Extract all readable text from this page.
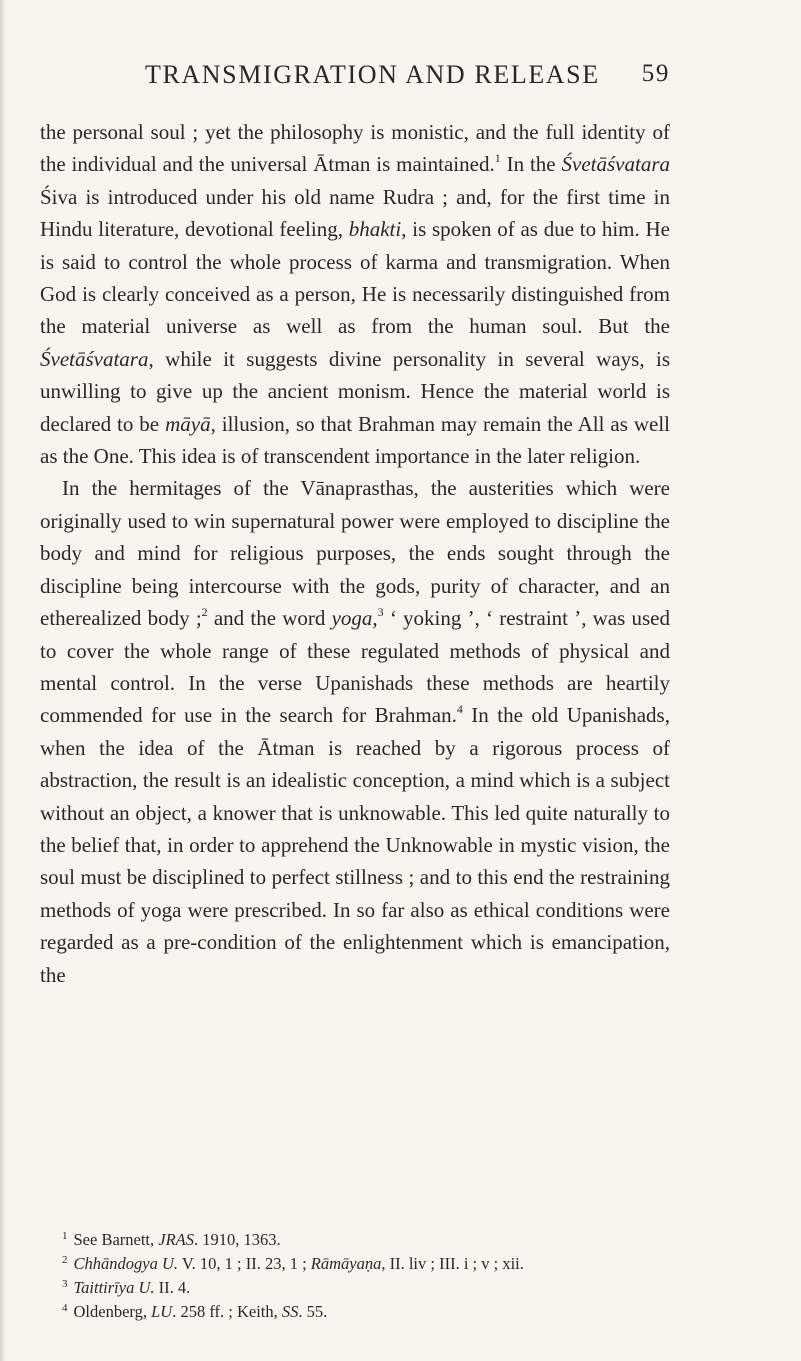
TRANSMIGRATION AND RELEASE 59

the personal soul ; yet the philosophy is monistic, and the full identity of the individual and the universal Ātman is maintained.$^1$ In the Śvetāśvatara Śiva is introduced under his old name Rudra ; and, for the first time in Hindu literature, devotional feeling, bhakti, is spoken of as due to him. He is said to control the whole process of karma and transmigration. When God is clearly conceived as a person, He is necessarily distinguished from the material universe as well as from the human soul. But the Śvetāśvatara, while it suggests divine personality in several ways, is unwilling to give up the ancient monism. Hence the material world is declared to be māyā, illusion, so that Brahman may remain the All as well as the One. This idea is of transcendent importance in the later religion.

In the hermitages of the Vānaprasthas, the austerities which were originally used to win supernatural power were employed to discipline the body and mind for religious purposes, the ends sought through the discipline being intercourse with the gods, purity of character, and an etherealized body ;$^2$ and the word yoga,$^3$ ‘ yoking ’, ‘ restraint ’, was used to cover the whole range of these regulated methods of physical and mental control. In the verse Upanishads these methods are heartily commended for use in the search for Brahman.$^4$ In the old Upanishads, when the idea of the Ātman is reached by a rigorous process of abstraction, the result is an idealistic conception, a mind which is a subject without an object, a knower that is unknowable. This led quite naturally to the belief that, in order to apprehend the Unknowable in mystic vision, the soul must be disciplined to perfect stillness ; and to this end the restraining methods of yoga were prescribed. In so far also as ethical conditions were regarded as a pre-condition of the enlightenment which is emancipation, the

$^1$ See Barnett, JRAS. 1910, 1363.
$^2$ Chhāndogya U. V. 10, 1 ; II. 23, 1 ; Rāmāyaṇa, II. liv ; III. i ; v ; xii.
$^3$ Taittirīya U. II. 4.
$^4$ Oldenberg, LU. 258 ff. ; Keith, SS. 55.
